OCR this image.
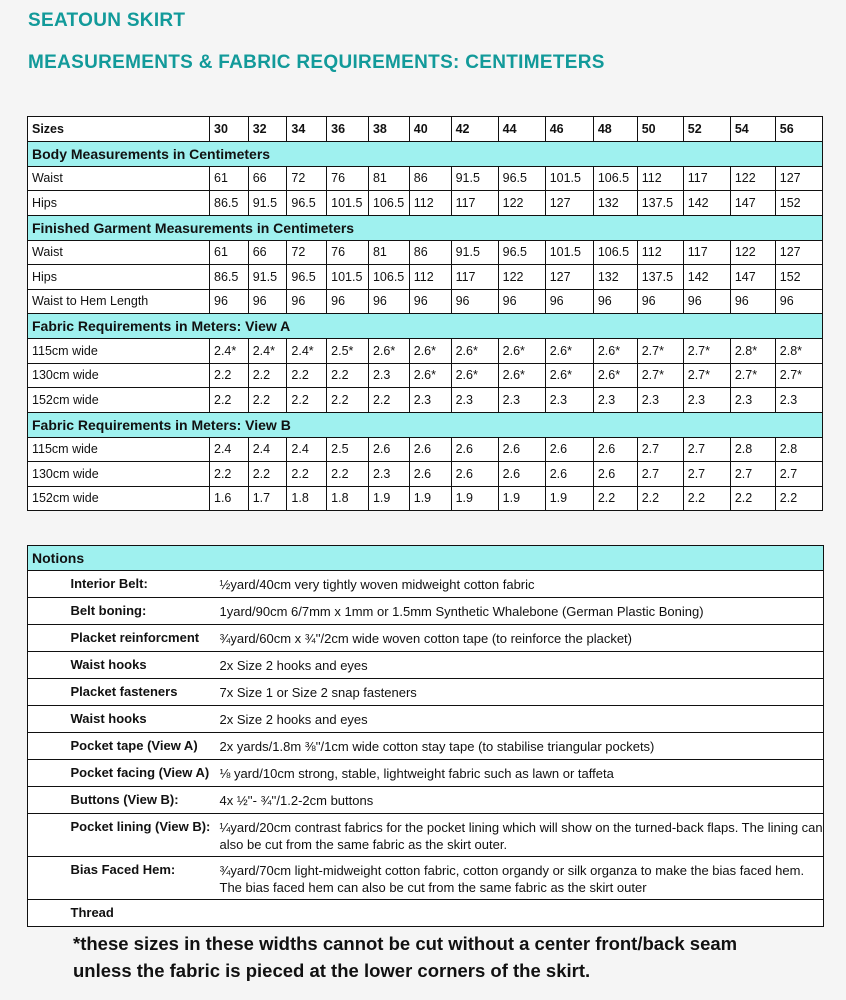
SEATOUN SKIRT
MEASUREMENTS & FABRIC REQUIREMENTS: CENTIMETERS
Sizes	30	32	34	36	38	40	42	44	46	48	50	52	54	56
Body Measurements in Centimeters														
Waist	61	66	72	76	81	86	91.5	96.5	101.5	106.5	112	117	122	127
Hips	86.5	91.5	96.5	101.5	106.5	112	117	122	127	132	137.5	142	147	152
Finished Garment Measurements in Centimeters														
Waist	61	66	72	76	81	86	91.5	96.5	101.5	106.5	112	117	122	127
Hips	86.5	91.5	96.5	101.5	106.5	112	117	122	127	132	137.5	142	147	152
Waist to Hem Length	96	96	96	96	96	96	96	96	96	96	96	96	96	96
Fabric Requirements in Meters: View A														
115cm wide	2.4*	2.4*	2.4*	2.5*	2.6*	2.6*	2.6*	2.6*	2.6*	2.6*	2.7*	2.7*	2.8*	2.8*
130cm wide	2.2	2.2	2.2	2.2	2.3	2.6*	2.6*	2.6*	2.6*	2.6*	2.7*	2.7*	2.7*	2.7*
152cm wide	2.2	2.2	2.2	2.2	2.2	2.3	2.3	2.3	2.3	2.3	2.3	2.3	2.3	2.3
Fabric Requirements in Meters: View B														
115cm wide	2.4	2.4	2.4	2.5	2.6	2.6	2.6	2.6	2.6	2.6	2.7	2.7	2.8	2.8
130cm wide	2.2	2.2	2.2	2.2	2.3	2.6	2.6	2.6	2.6	2.6	2.7	2.7	2.7	2.7
152cm wide	1.6	1.7	1.8	1.8	1.9	1.9	1.9	1.9	1.9	2.2	2.2	2.2	2.2	2.2
Notions		
	Interior Belt:	½yard/40cm very tightly woven midweight cotton fabric
	Belt boning:	1yard/90cm 6/7mm x 1mm or 1.5mm Synthetic Whalebone (German Plastic Boning)
	Placket reinforcment	¾yard/60cm x ¾''/2cm wide woven cotton tape (to reinforce the placket)
	Waist hooks	2x Size 2 hooks and eyes
	Placket fasteners	7x Size 1 or Size 2 snap fasteners
	Waist hooks	2x Size 2 hooks and eyes
	Pocket tape (View A)	2x yards/1.8m ⅜''/1cm wide cotton stay tape (to stabilise triangular pockets)
	Pocket facing (View A)	⅛ yard/10cm strong, stable, lightweight fabric such as lawn or taffeta
	Buttons (View B):	4x ½''- ¾''/1.2-2cm buttons
	Pocket lining (View B):	¼yard/20cm contrast fabrics for the pocket lining which will show on the turned-back flaps. The lining can also be cut from the same fabric as the skirt outer.
	Bias Faced Hem:	¾yard/70cm light-midweight cotton fabric, cotton organdy or silk organza to make the bias faced hem. The bias faced hem can also be cut from the same fabric as the skirt outer
	Thread	
*these sizes in these widths cannot be cut without a center front/back seam unless the fabric is pieced at the lower corners of the skirt.
